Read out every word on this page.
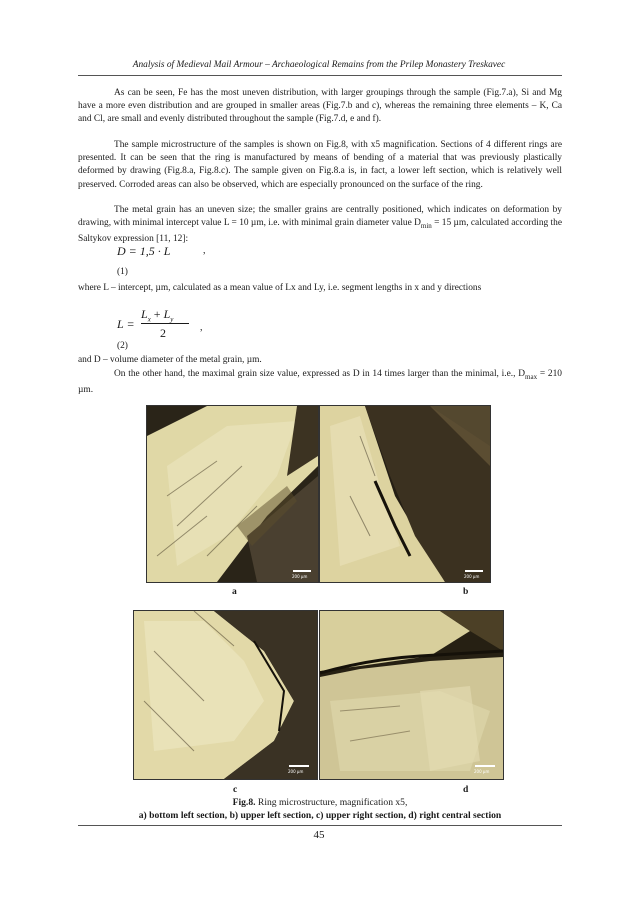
Analysis of Medieval Mail Armour – Archaeological Remains from the Prilep Monastery Treskavec

As can be seen, Fe has the most uneven distribution, with larger groupings through the sample (Fig.7.a), Si and Mg have a more even distribution and are grouped in smaller areas (Fig.7.b and c), whereas the remaining three elements – K, Ca and Cl, are small and evenly distributed throughout the sample (Fig.7.d, e and f).

The sample microstructure of the samples is shown on Fig.8, with x5 magnification. Sections of 4 different rings are presented. It can be seen that the ring is manufactured by means of bending of a material that was previously plastically deformed by drawing (Fig.8.a, Fig.8.c). The sample given on Fig.8.a is, in fact, a lower left section, which is relatively well preserved. Corroded areas can also be observed, which are especially pronounced on the surface of the ring.

The metal grain has an uneven size; the smaller grains are centrally positioned, which indicates on deformation by drawing, with minimal intercept value L = 10 µm, i.e. with minimal grain diameter value $D_{min} = 15$ µm, calculated according the Saltykov expression [11, 12]:

D = 1,5 · L	,
(1)

where L – intercept, µm, calculated as a mean value of Lx and Ly, i.e. segment lengths in x and y directions

L =
$L_x + L_y$
2	,
(2)

and D – volume diameter of the metal grain, µm.

On the other hand, the maximal grain size value, expressed as D in 14 times larger than the minimal, i.e., $D_{max} = 210$ µm.

200 µm	200 µm
a	b
200 µm	200 µm
c	d
Fig.8. Ring microstructure, magnification x5,
a) bottom left section, b) upper left section, c) upper right section, d) right central section
45
